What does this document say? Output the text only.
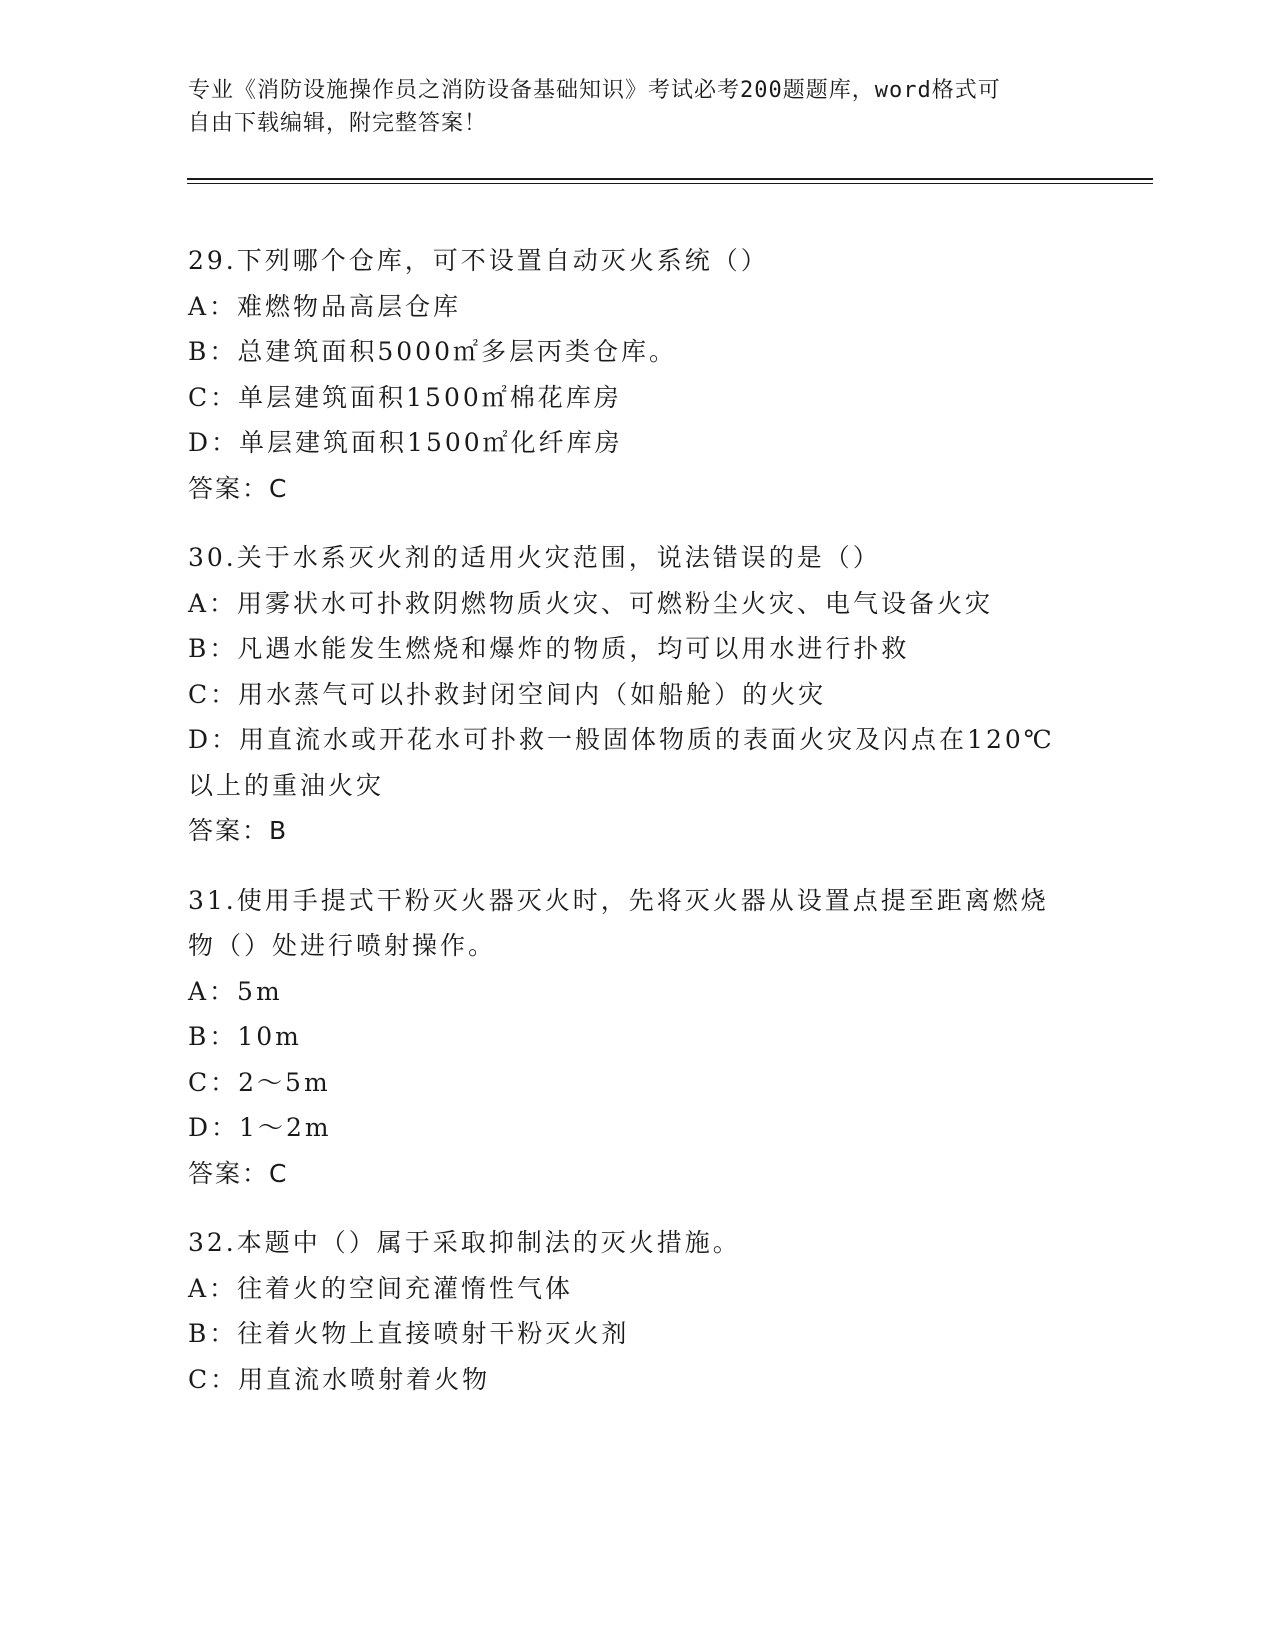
专业《消防设施操作员之消防设备基础知识》考试必考200题题库，word格式可
自由下载编辑，附完整答案！
29.下列哪个仓库，可不设置自动灭火系统（）
A：难燃物品高层仓库
B：总建筑面积5000㎡多层丙类仓库。
C：单层建筑面积1500㎡棉花库房
D：单层建筑面积1500㎡化纤库房
答案：C
30.关于水系灭火剂的适用火灾范围，说法错误的是（）
A：用雾状水可扑救阴燃物质火灾、可燃粉尘火灾、电气设备火灾
B：凡遇水能发生燃烧和爆炸的物质，均可以用水进行扑救
C：用水蒸气可以扑救封闭空间内（如船舱）的火灾
D：用直流水或开花水可扑救一般固体物质的表面火灾及闪点在120℃以上的重油火灾
答案：B
31.使用手提式干粉灭火器灭火时，先将灭火器从设置点提至距离燃烧物（）处进行喷射操作。
A：5m
B：10m
C：2～5m
D：1～2m
答案：C
32.本题中（）属于采取抑制法的灭火措施。
A：往着火的空间充灌惰性气体
B：往着火物上直接喷射干粉灭火剂
C：用直流水喷射着火物
